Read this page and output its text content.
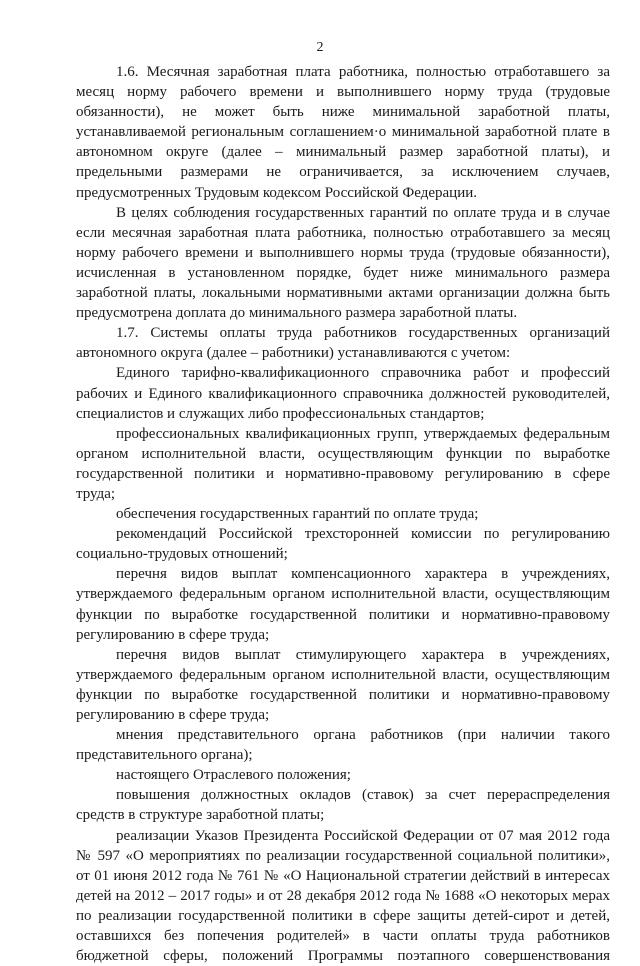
2
1.6. Месячная заработная плата работника, полностью отработавшего за
месяц норму рабочего времени и выполнившего норму труда (трудовые
обязанности), не может быть ниже минимальной заработной платы,
устанавливаемой региональным соглашением·о минимальной заработной плате в
автономном округе (далее – минимальный размер заработной платы), и
предельными размерами не ограничивается, за исключением случаев,
предусмотренных Трудовым кодексом Российской Федерации.
В целях соблюдения государственных гарантий по оплате труда и в случае
если месячная заработная плата работника, полностью отработавшего за месяц
норму рабочего времени и выполнившего нормы труда (трудовые обязанности),
исчисленная в установленном порядке, будет ниже минимального размера
заработной платы, локальными нормативными актами организации должна быть
предусмотрена доплата до минимального размера заработной платы.
1.7. Системы оплаты труда работников государственных организаций
автономного округа (далее – работники) устанавливаются с учетом:
Единого тарифно-квалификационного справочника работ и профессий
рабочих и Единого квалификационного справочника должностей руководителей,
специалистов и служащих либо профессиональных стандартов;
профессиональных квалификационных групп, утверждаемых федеральным
органом исполнительной власти, осуществляющим функции по выработке
государственной политики и нормативно-правовому регулированию в сфере
труда;
обеспечения государственных гарантий по оплате труда;
рекомендаций Российской трехсторонней комиссии по регулированию
социально-трудовых отношений;
перечня видов выплат компенсационного характера в учреждениях,
утверждаемого федеральным органом исполнительной власти, осуществляющим
функции по выработке государственной политики и нормативно-правовому
регулированию в сфере труда;
перечня видов выплат стимулирующего характера в учреждениях,
утверждаемого федеральным органом исполнительной власти, осуществляющим
функции по выработке государственной политики и нормативно-правовому
регулированию в сфере труда;
мнения представительного органа работников (при наличии такого
представительного органа);
настоящего Отраслевого положения;
повышения должностных окладов (ставок) за счет перераспределения
средств в структуре заработной платы;
реализации Указов Президента Российской Федерации от 07 мая 2012 года
№ 597 «О мероприятиях по реализации государственной социальной политики»,
от 01 июня 2012 года № 761 № «О Национальной стратегии действий в интересах
детей на 2012 – 2017 годы» и от 28 декабря 2012 года № 1688 «О некоторых мерах
по реализации государственной политики в сфере защиты детей-сирот и детей,
оставшихся без попечения родителей» в части оплаты труда работников
бюджетной сферы, положений Программы поэтапного совершенствования
